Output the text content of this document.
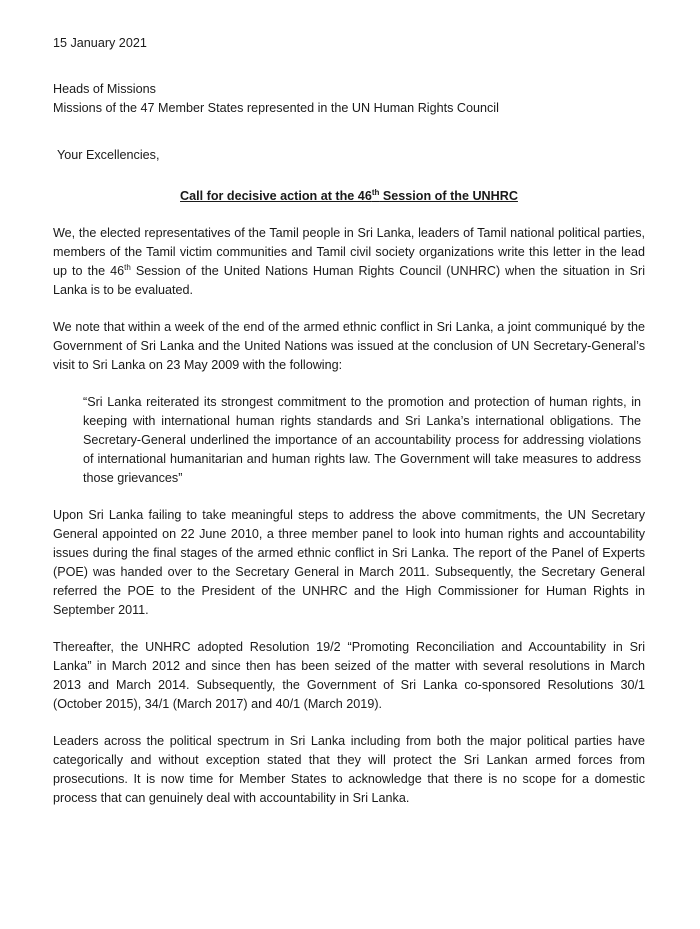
15 January 2021

Heads of Missions
Missions of the 47 Member States represented in the UN Human Rights Council

Your Excellencies,

Call for decisive action at the 46th Session of the UNHRC

We, the elected representatives of the Tamil people in Sri Lanka, leaders of Tamil national political parties, members of the Tamil victim communities and Tamil civil society organizations write this letter in the lead up to the 46th Session of the United Nations Human Rights Council (UNHRC) when the situation in Sri Lanka is to be evaluated.

We note that within a week of the end of the armed ethnic conflict in Sri Lanka, a joint communiqué by the Government of Sri Lanka and the United Nations was issued at the conclusion of UN Secretary-General’s visit to Sri Lanka on 23 May 2009 with the following:

“Sri Lanka reiterated its strongest commitment to the promotion and protection of human rights, in keeping with international human rights standards and Sri Lanka’s international obligations. The Secretary-General underlined the importance of an accountability process for addressing violations of international humanitarian and human rights law. The Government will take measures to address those grievances”

Upon Sri Lanka failing to take meaningful steps to address the above commitments, the UN Secretary General appointed on 22 June 2010, a three member panel to look into human rights and accountability issues during the final stages of the armed ethnic conflict in Sri Lanka. The report of the Panel of Experts (POE) was handed over to the Secretary General in March 2011. Subsequently, the Secretary General referred the POE to the President of the UNHRC and the High Commissioner for Human Rights in September 2011.

Thereafter, the UNHRC adopted Resolution 19/2 “Promoting Reconciliation and Accountability in Sri Lanka” in March 2012 and since then has been seized of the matter with several resolutions in March 2013 and March 2014. Subsequently, the Government of Sri Lanka co-sponsored Resolutions 30/1 (October 2015), 34/1 (March 2017) and 40/1 (March 2019).

Leaders across the political spectrum in Sri Lanka including from both the major political parties have categorically and without exception stated that they will protect the Sri Lankan armed forces from prosecutions. It is now time for Member States to acknowledge that there is no scope for a domestic process that can genuinely deal with accountability in Sri Lanka.
